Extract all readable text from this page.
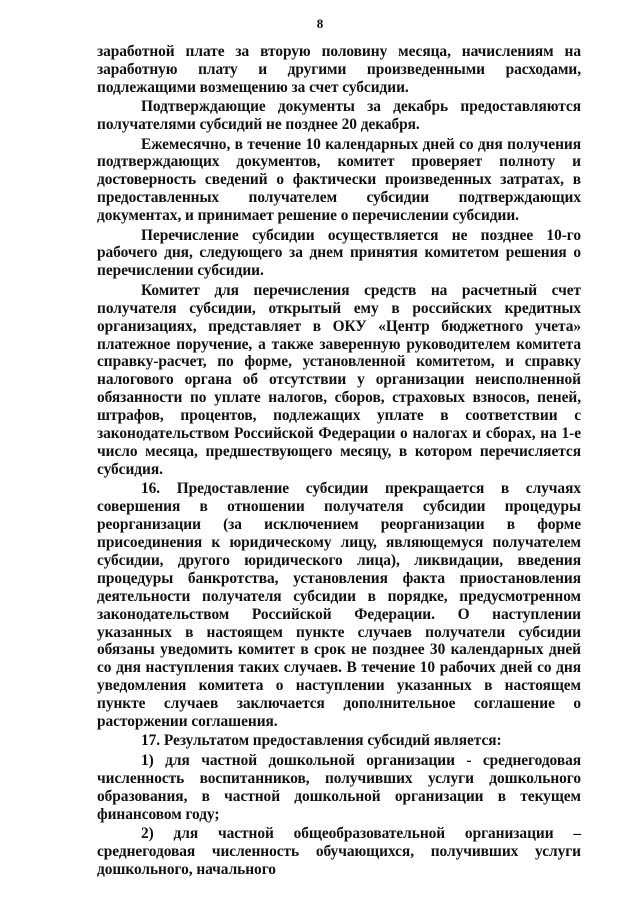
8

заработной плате за вторую половину месяца, начислениям на заработную плату и другими произведенными расходами, подлежащими возмещению за счет субсидии.

Подтверждающие документы за декабрь предоставляются получателями субсидий не позднее 20 декабря.

Ежемесячно, в течение 10 календарных дней со дня получения подтверждающих документов, комитет проверяет полноту и достоверность сведений о фактически произведенных затратах, в предоставленных получателем субсидии подтверждающих документах, и принимает решение о перечислении субсидии.

Перечисление субсидии осуществляется не позднее 10-го рабочего дня, следующего за днем принятия комитетом решения о перечислении субсидии.

Комитет для перечисления средств на расчетный счет получателя субсидии, открытый ему в российских кредитных организациях, представляет в ОКУ «Центр бюджетного учета» платежное поручение, а также заверенную руководителем комитета справку-расчет, по форме, установленной комитетом, и справку налогового органа об отсутствии у организации неисполненной обязанности по уплате налогов, сборов, страховых взносов, пеней, штрафов, процентов, подлежащих уплате в соответствии с законодательством Российской Федерации о налогах и сборах, на 1-е число месяца, предшествующего месяцу, в котором перечисляется субсидия.

16. Предоставление субсидии прекращается в случаях совершения в отношении получателя субсидии процедуры реорганизации (за исключением реорганизации в форме присоединения к юридическому лицу, являющемуся получателем субсидии, другого юридического лица), ликвидации, введения процедуры банкротства, установления факта приостановления деятельности получателя субсидии в порядке, предусмотренном законодательством Российской Федерации. О наступлении указанных в настоящем пункте случаев получатели субсидии обязаны уведомить комитет в срок не позднее 30 календарных дней со дня наступления таких случаев. В течение 10 рабочих дней со дня уведомления комитета о наступлении указанных в настоящем пункте случаев заключается дополнительное соглашение о расторжении соглашения.

17. Результатом предоставления субсидий является:

1) для частной дошкольной организации - среднегодовая численность воспитанников, получивших услуги дошкольного образования, в частной дошкольной организации в текущем финансовом году;

2) для частной общеобразовательной организации – среднегодовая численность обучающихся, получивших услуги дошкольного, начального
